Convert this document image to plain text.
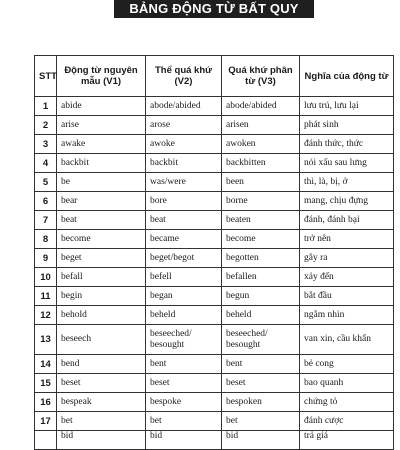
BẢNG ĐỘNG TỪ BẤT QUY TẮC
STT	Động từ nguyên mẫu (V1)	Thể quá khứ (V2)	Quá khứ phân từ (V3)	Nghĩa của động từ
1	abide	abode/abided	abode/abided	lưu trú, lưu lại
2	arise	arose	arisen	phát sinh
3	awake	awoke	awoken	đánh thức, thức
4	backbit	backbit	backbitten	nói xấu sau lưng
5	be	was/were	been	thì, là, bị, ở
6	bear	bore	borne	mang, chịu đựng
7	beat	beat	beaten	đánh, đánh bại
8	become	became	become	trở nên
9	beget	beget/begot	begotten	gây ra
10	befall	befell	befallen	xảy đến
11	begin	began	begun	bắt đầu
12	behold	beheld	beheld	ngắm nhìn
13	beseech	beseeched/ besought	beseeched/ besought	van xin, cầu khẩn
14	bend	bent	bent	bẻ cong
15	beset	beset	beset	bao quanh
16	bespeak	bespoke	bespoken	chứng tỏ
17	bet	bet	bet	đánh cược
	bid	bid	bid	trả giá
